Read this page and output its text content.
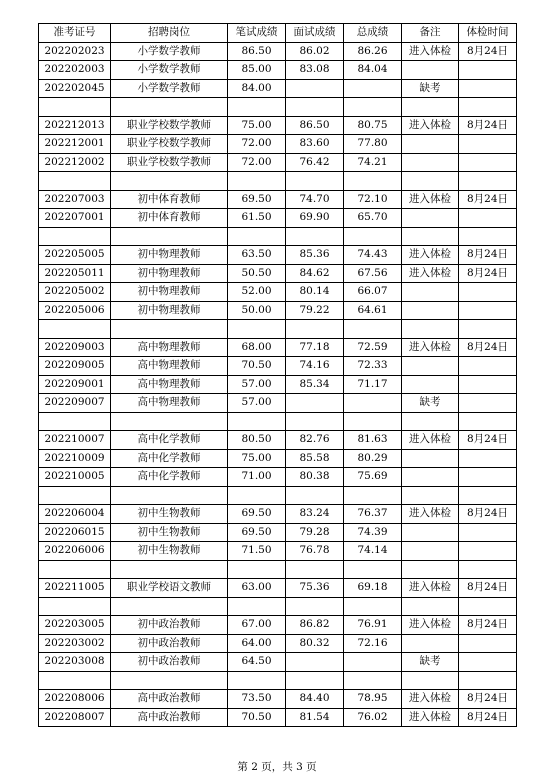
准考证号	招聘岗位	笔试成绩	面试成绩	总成绩	备注	体检时间
202202023	小学数学教师	86.50	86.02	86.26	进入体检	8月24日
202202003	小学数学教师	85.00	83.08	84.04		
202202045	小学数学教师	84.00			缺考	

202212013	职业学校数学教师	75.00	86.50	80.75	进入体检	8月24日
202212001	职业学校数学教师	72.00	83.60	77.80		
202212002	职业学校数学教师	72.00	76.42	74.21		

202207003	初中体育教师	69.50	74.70	72.10	进入体检	8月24日
202207001	初中体育教师	61.50	69.90	65.70		

202205005	初中物理教师	63.50	85.36	74.43	进入体检	8月24日
202205011	初中物理教师	50.50	84.62	67.56	进入体检	8月24日
202205002	初中物理教师	52.00	80.14	66.07		
202205006	初中物理教师	50.00	79.22	64.61		

202209003	高中物理教师	68.00	77.18	72.59	进入体检	8月24日
202209005	高中物理教师	70.50	74.16	72.33		
202209001	高中物理教师	57.00	85.34	71.17		
202209007	高中物理教师	57.00			缺考	

202210007	高中化学教师	80.50	82.76	81.63	进入体检	8月24日
202210009	高中化学教师	75.00	85.58	80.29		
202210005	高中化学教师	71.00	80.38	75.69		

202206004	初中生物教师	69.50	83.24	76.37	进入体检	8月24日
202206015	初中生物教师	69.50	79.28	74.39		
202206006	初中生物教师	71.50	76.78	74.14		

202211005	职业学校语文教师	63.00	75.36	69.18	进入体检	8月24日

202203005	初中政治教师	67.00	86.82	76.91	进入体检	8月24日
202203002	初中政治教师	64.00	80.32	72.16		
202203008	初中政治教师	64.50			缺考	

202208006	高中政治教师	73.50	84.40	78.95	进入体检	8月24日
202208007	高中政治教师	70.50	81.54	76.02	进入体检	8月24日
第 2 页，共 3 页
